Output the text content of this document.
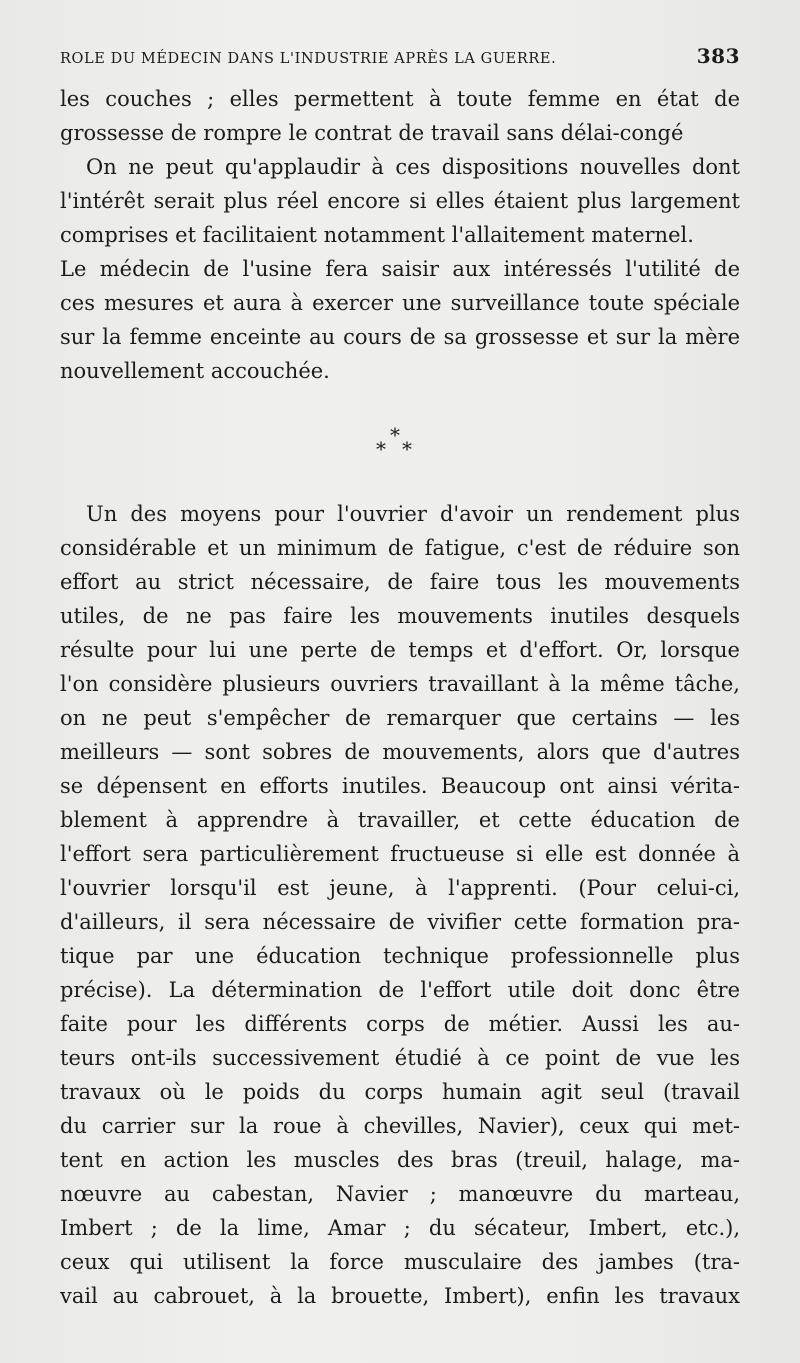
ROLE DU MÉDECIN DANS L'INDUSTRIE APRÈS LA GUERRE.	383
les couches ; elles permettent à toute femme en état de
grossesse de rompre le contrat de travail sans délai-congé
On ne peut qu'applaudir à ces dispositions nouvelles dont
l'intérêt serait plus réel encore si elles étaient plus largement
comprises et facilitaient notamment l'allaitement maternel.
Le médecin de l'usine fera saisir aux intéressés l'utilité de
ces mesures et aura à exercer une surveillance toute spéciale
sur la femme enceinte au cours de sa grossesse et sur la mère
nouvellement accouchée.
*
* *
Un des moyens pour l'ouvrier d'avoir un rendement plus
considérable et un minimum de fatigue, c'est de réduire son
effort au strict nécessaire, de faire tous les mouvements
utiles, de ne pas faire les mouvements inutiles desquels
résulte pour lui une perte de temps et d'effort. Or, lorsque
l'on considère plusieurs ouvriers travaillant à la même tâche,
on ne peut s'empêcher de remarquer que certains — les
meilleurs — sont sobres de mouvements, alors que d'autres
se dépensent en efforts inutiles. Beaucoup ont ainsi vérita-
blement à apprendre à travailler, et cette éducation de
l'effort sera particulièrement fructueuse si elle est donnée à
l'ouvrier lorsqu'il est jeune, à l'apprenti. (Pour celui-ci,
d'ailleurs, il sera nécessaire de vivifier cette formation pra-
tique par une éducation technique professionnelle plus
précise). La détermination de l'effort utile doit donc être
faite pour les différents corps de métier. Aussi les au-
teurs ont-ils successivement étudié à ce point de vue les
travaux où le poids du corps humain agit seul (travail
du carrier sur la roue à chevilles, Navier), ceux qui met-
tent en action les muscles des bras (treuil, halage, ma-
nœuvre au cabestan, Navier ; manœuvre du marteau,
Imbert ; de la lime, Amar ; du sécateur, Imbert, etc.),
ceux qui utilisent la force musculaire des jambes (tra-
vail au cabrouet, à la brouette, Imbert), enfin les travaux
